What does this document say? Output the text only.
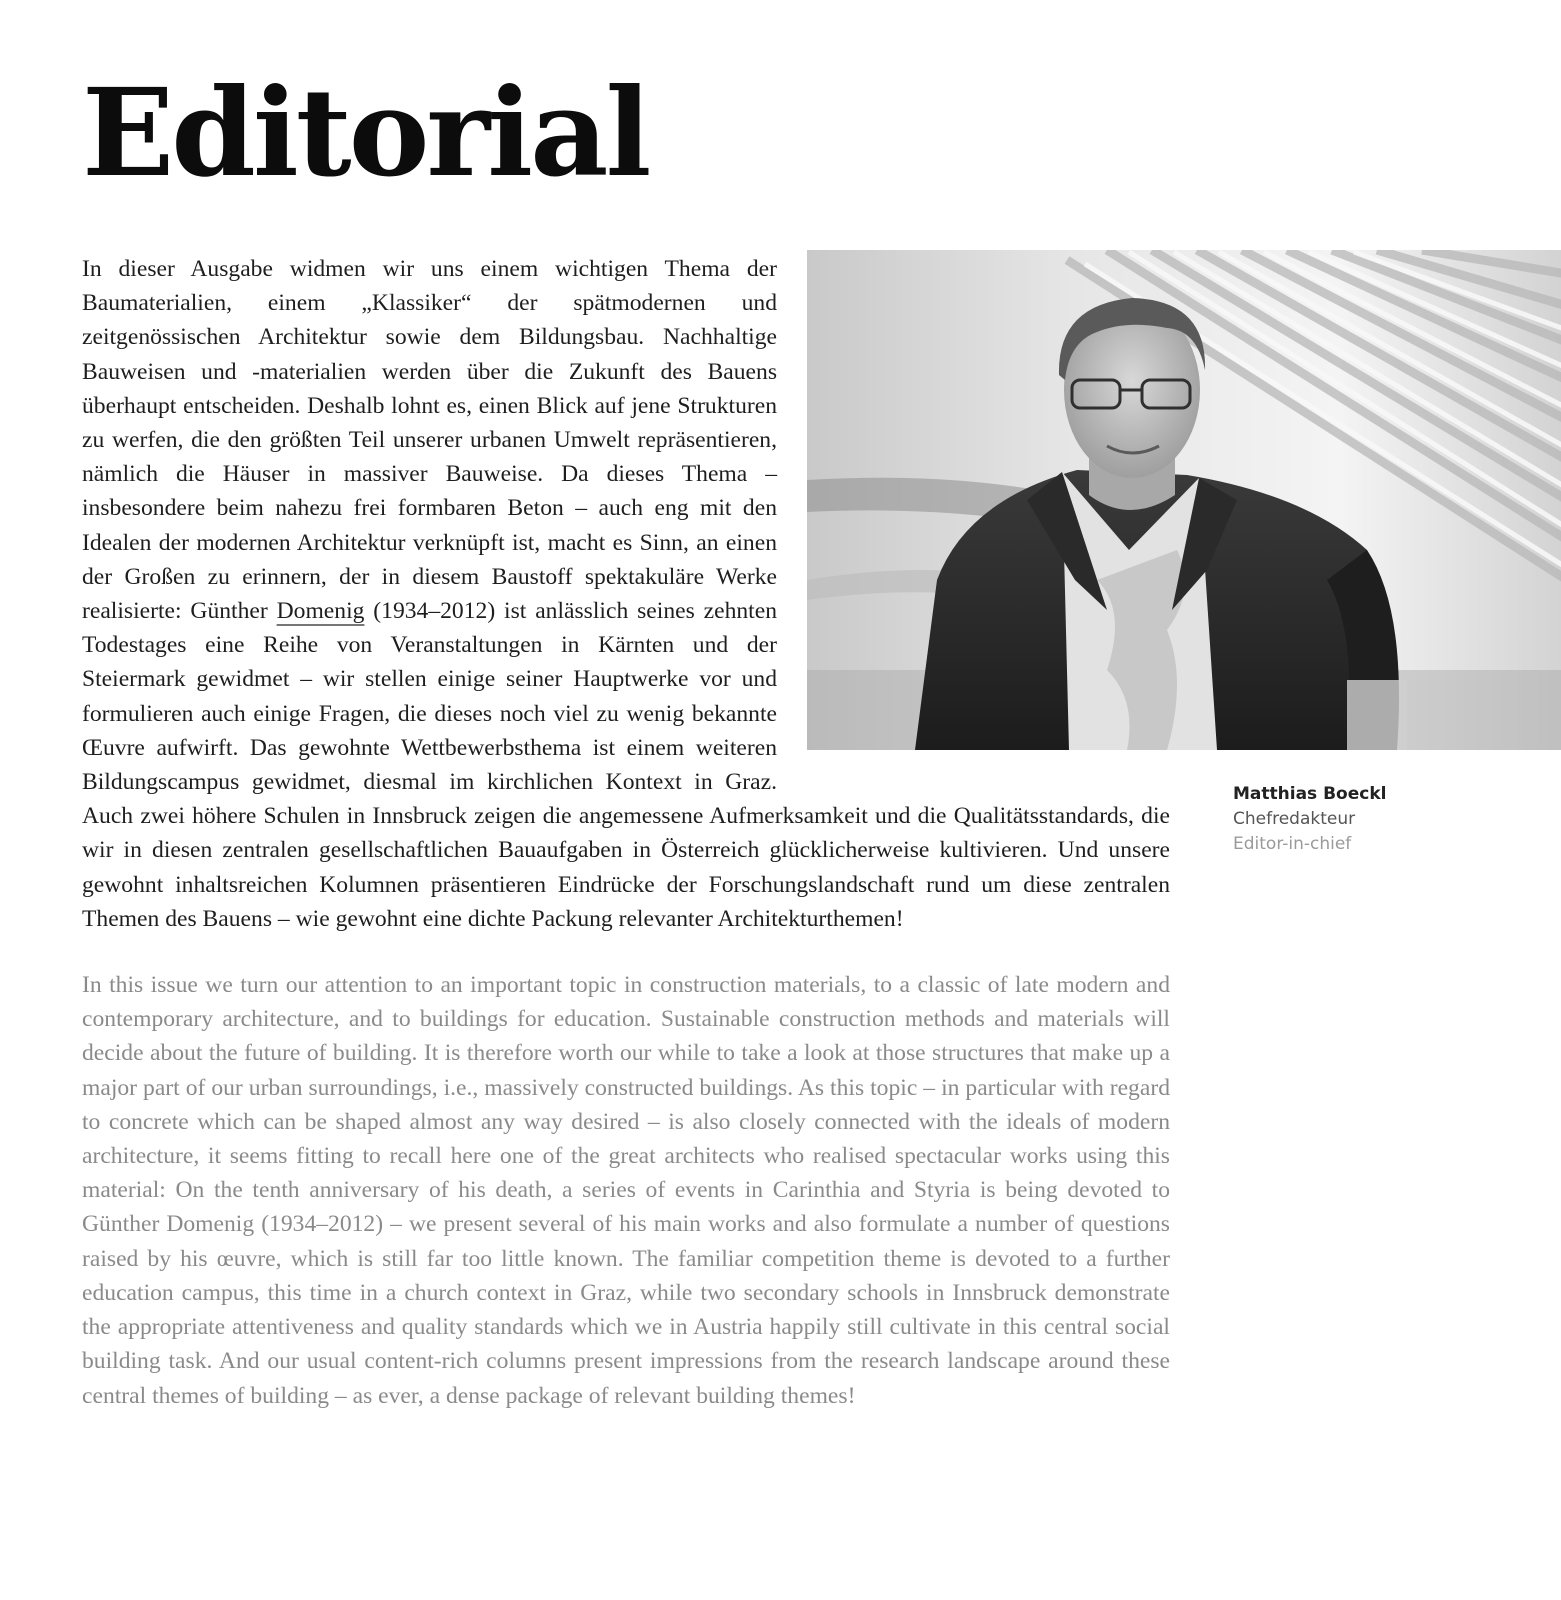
Editorial

In dieser Ausgabe widmen wir uns einem wichtigen Thema der Baumaterialien, einem „Klassiker“ der spätmodernen und zeitgenössischen Architektur sowie dem Bildungsbau. Nachhaltige Bauweisen und -materialien werden über die Zukunft des Bauens überhaupt entscheiden. Deshalb lohnt es, einen Blick auf jene Strukturen zu werfen, die den größten Teil unserer urbanen Umwelt repräsentieren, nämlich die Häuser in massiver Bauweise. Da dieses Thema – insbesondere beim nahezu frei formbaren Beton – auch eng mit den Idealen der modernen Architektur verknüpft ist, macht es Sinn, an einen der Großen zu erinnern, der in diesem Baustoff spektakuläre Werke realisierte: Günther Domenig (1934–2012) ist anlässlich seines zehnten Todestages eine Reihe von Veranstaltungen in Kärnten und der Steiermark gewidmet – wir stellen einige seiner Hauptwerke vor und formulieren auch einige Fragen, die dieses noch viel zu wenig bekannte Œuvre aufwirft. Das gewohnte Wettbewerbsthema ist einem weiteren Bildungscampus gewidmet, diesmal im kirchlichen Kontext in Graz. Auch zwei höhere Schulen in Innsbruck zeigen die angemessene Aufmerksamkeit und die Qualitätsstandards, die wir in diesen zentralen gesellschaftlichen Bauaufgaben in Österreich glücklicherweise kultivieren. Und unsere gewohnt inhaltsreichen Kolumnen präsentieren Eindrücke der Forschungslandschaft rund um diese zentralen Themen des Bauens – wie gewohnt eine dichte Packung relevanter Architekturthemen!

In this issue we turn our attention to an important topic in construction materials, to a classic of late modern and contemporary architecture, and to buildings for education. Sustainable construction methods and materials will decide about the future of building. It is therefore worth our while to take a look at those structures that make up a major part of our urban surroundings, i.e., massively constructed buildings. As this topic – in particular with regard to concrete which can be shaped almost any way desired – is also closely connected with the ideals of modern architecture, it seems fitting to recall here one of the great architects who realised spectacular works using this material: On the tenth anniversary of his death, a series of events in Carinthia and Styria is being devoted to Günther Domenig (1934–2012) – we present several of his main works and also formulate a number of questions raised by his œuvre, which is still far too little known. The familiar competition theme is devoted to a further education campus, this time in a church context in Graz, while two secondary schools in Innsbruck demonstrate the appropriate attentiveness and quality standards which we in Austria happily still cultivate in this central social building task. And our usual content-rich columns present impressions from the research landscape around these central themes of building – as ever, a dense package of relevant building themes!

Matthias Boeckl
Chefredakteur
Editor-in-chief
